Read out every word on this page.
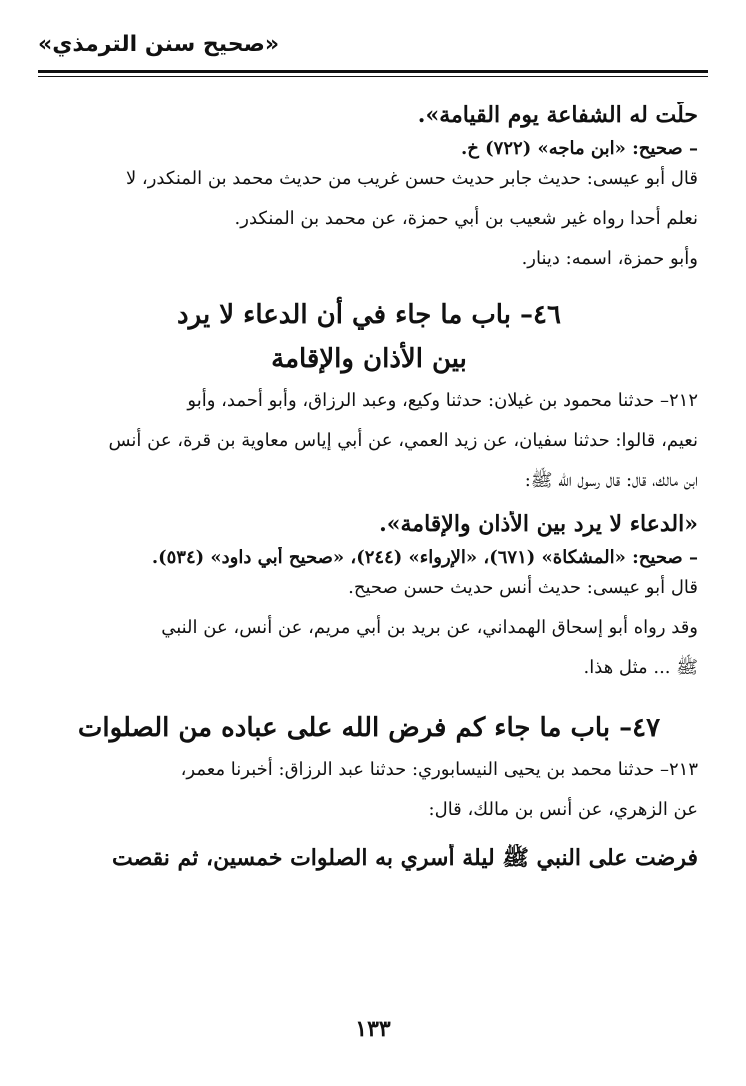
«صحيح سنن الترمذي»
حلّت له الشفاعة يوم القيامة».
– صحيح: «ابن ماجه» (٧٢٢) خ.
قال أبو عيسى: حديث جابر حديث حسن غريب من حديث محمد بن المنكدر، لا
نعلم أحدا رواه غير شعيب بن أبي حمزة، عن محمد بن المنكدر.
وأبو حمزة، اسمه: دينار.
٤٦– باب ما جاء في أن الدعاء لا يرد
بين الأذان والإقامة
٢١٢– حدثنا محمود بن غيلان: حدثنا وكيع، وعبد الرزاق، وأبو أحمد، وأبو
نعيم، قالوا: حدثنا سفيان، عن زيد العمي، عن أبي إياس معاوية بن قرة، عن أنس
ابن مالك، قال: قال رسول الله ﷺ:
«الدعاء لا يرد بين الأذان والإقامة».
– صحيح: «المشكاة» (٦٧١)، «الإرواء» (٢٤٤)، «صحيح أبي داود» (٥٣٤).
قال أبو عيسى: حديث أنس حديث حسن صحيح.
وقد رواه أبو إسحاق الهمداني، عن بريد بن أبي مريم، عن أنس، عن النبي
ﷺ ... مثل هذا.
٤٧– باب ما جاء كم فرض الله على عباده من الصلوات
٢١٣– حدثنا محمد بن يحيى النيسابوري: حدثنا عبد الرزاق: أخبرنا معمر،
عن الزهري، عن أنس بن مالك، قال:
فرضت على النبي ﷺ ليلة أسري به الصلوات خمسين، ثم نقصت
١٣٣
